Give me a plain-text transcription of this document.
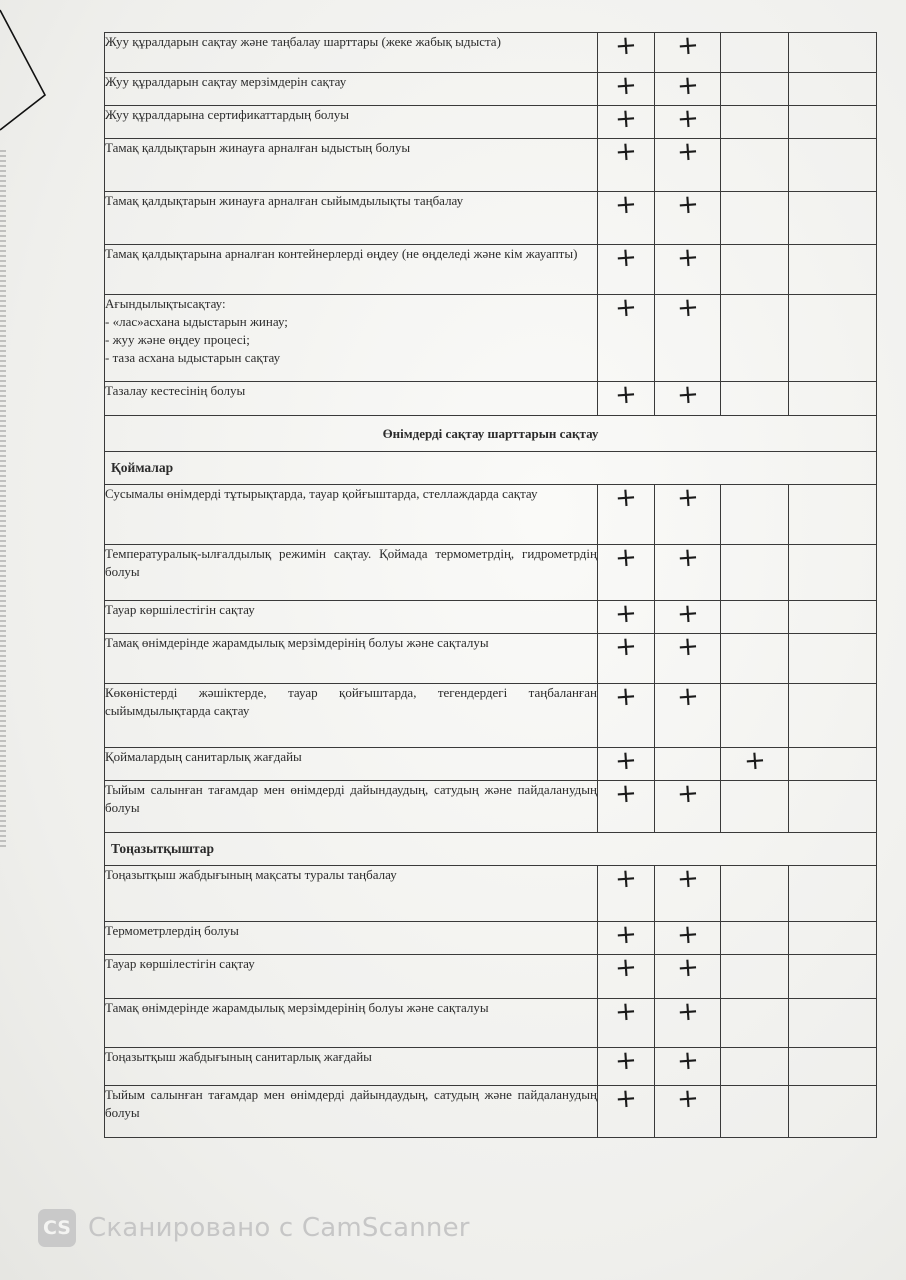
Жуу құралдарын сақтау және таңбалау шарттары (жеке жабық ыдыста)	+	+		
Жуу құралдарын сақтау мерзімдерін сақтау	+	+		
Жуу құралдарына сертификаттардың болуы	+	+		
Тамақ қалдықтарын жинауға арналған ыдыстың болуы	+	+		
Тамақ қалдықтарын жинауға арналған сыйымдылықты таңбалау	+	+		
Тамақ қалдықтарына арналған контейнерлерді өңдеу (не өңделеді және кім жауапты)	+	+		
Ағындылықтысақтау:
- «лас»асхана ыдыстарын жинау;
- жуу және өңдеу процесі;
- таза асхана ыдыстарын сақтау	+	+		
Тазалау кестесінің болуы	+	+		
Өнімдерді сақтау шарттарын сақтау				
Қоймалар				
Сусымалы өнімдерді тұтырықтарда, тауар қойғыштарда, стеллаждарда сақтау	+	+		
Температуралық-ылғалдылық режимін сақтау. Қоймада термометрдің, гидрометрдің болуы	+	+		
Тауар көршілестігін сақтау	+	+		
Тамақ өнімдерінде жарамдылық мерзімдерінің болуы және сақталуы	+	+		
Көкөністерді жәшіктерде, тауар қойғыштарда, тегендердегі таңбаланған сыйымдылықтарда сақтау	+	+		
Қоймалардың санитарлық жағдайы	+		+	
Тыйым салынған тағамдар мен өнімдерді дайындаудың, сатудың және пайдаланудың болуы	+	+		
Тоңазытқыштар				
Тоңазытқыш жабдығының мақсаты туралы таңбалау	+	+		
Термометрлердің болуы	+	+		
Тауар көршілестігін сақтау	+	+		
Тамақ өнімдерінде жарамдылық мерзімдерінің болуы және сақталуы	+	+		
Тоңазытқыш жабдығының санитарлық жағдайы	+	+		
Тыйым салынған тағамдар мен өнімдерді дайындаудың, сатудың және пайдаланудың болуы	+	+		
CS Сканировано с CamScanner
